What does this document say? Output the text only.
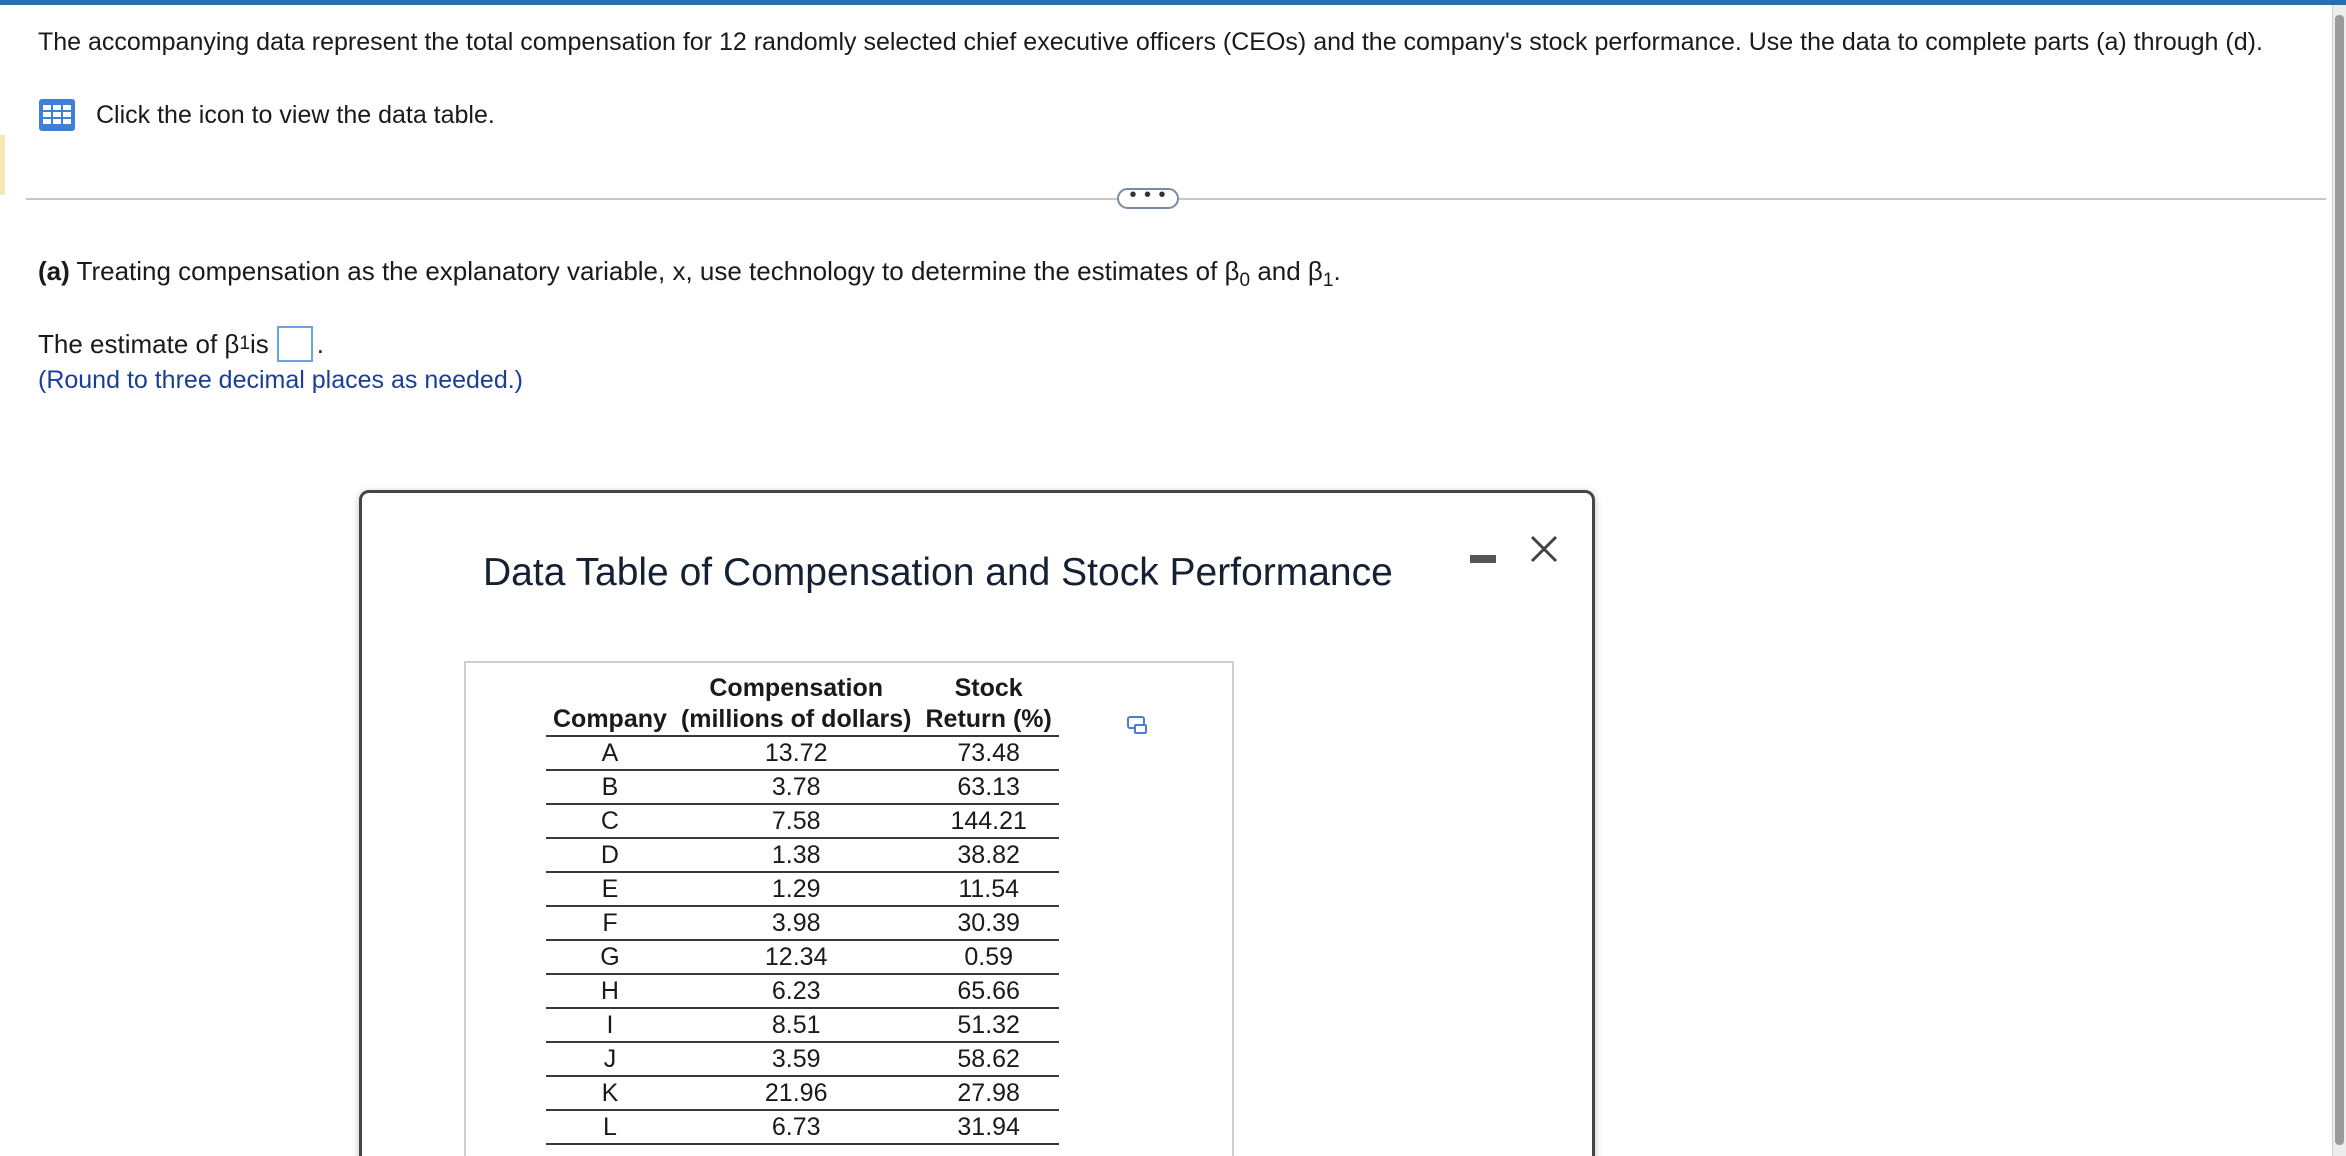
The accompanying data represent the total compensation for 12 randomly selected chief executive officers (CEOs) and the company's stock performance. Use the data to complete parts (a) through (d).
Click the icon to view the data table.
• • •
(a) Treating compensation as the explanatory variable, x, use technology to determine the estimates of $\beta_0$ and $\beta_1$.
The estimate of β 1 is .
(Round to three decimal places as needed.)
Data Table of Compensation and Stock Performance
	Compensation	Stock
Company	(millions of dollars)	Return (%)
A	13.72	73.48
B	3.78	63.13
C	7.58	144.21
D	1.38	38.82
E	1.29	11.54
F	3.98	30.39
G	12.34	0.59
H	6.23	65.66
I	8.51	51.32
J	3.59	58.62
K	21.96	27.98
L	6.73	31.94
